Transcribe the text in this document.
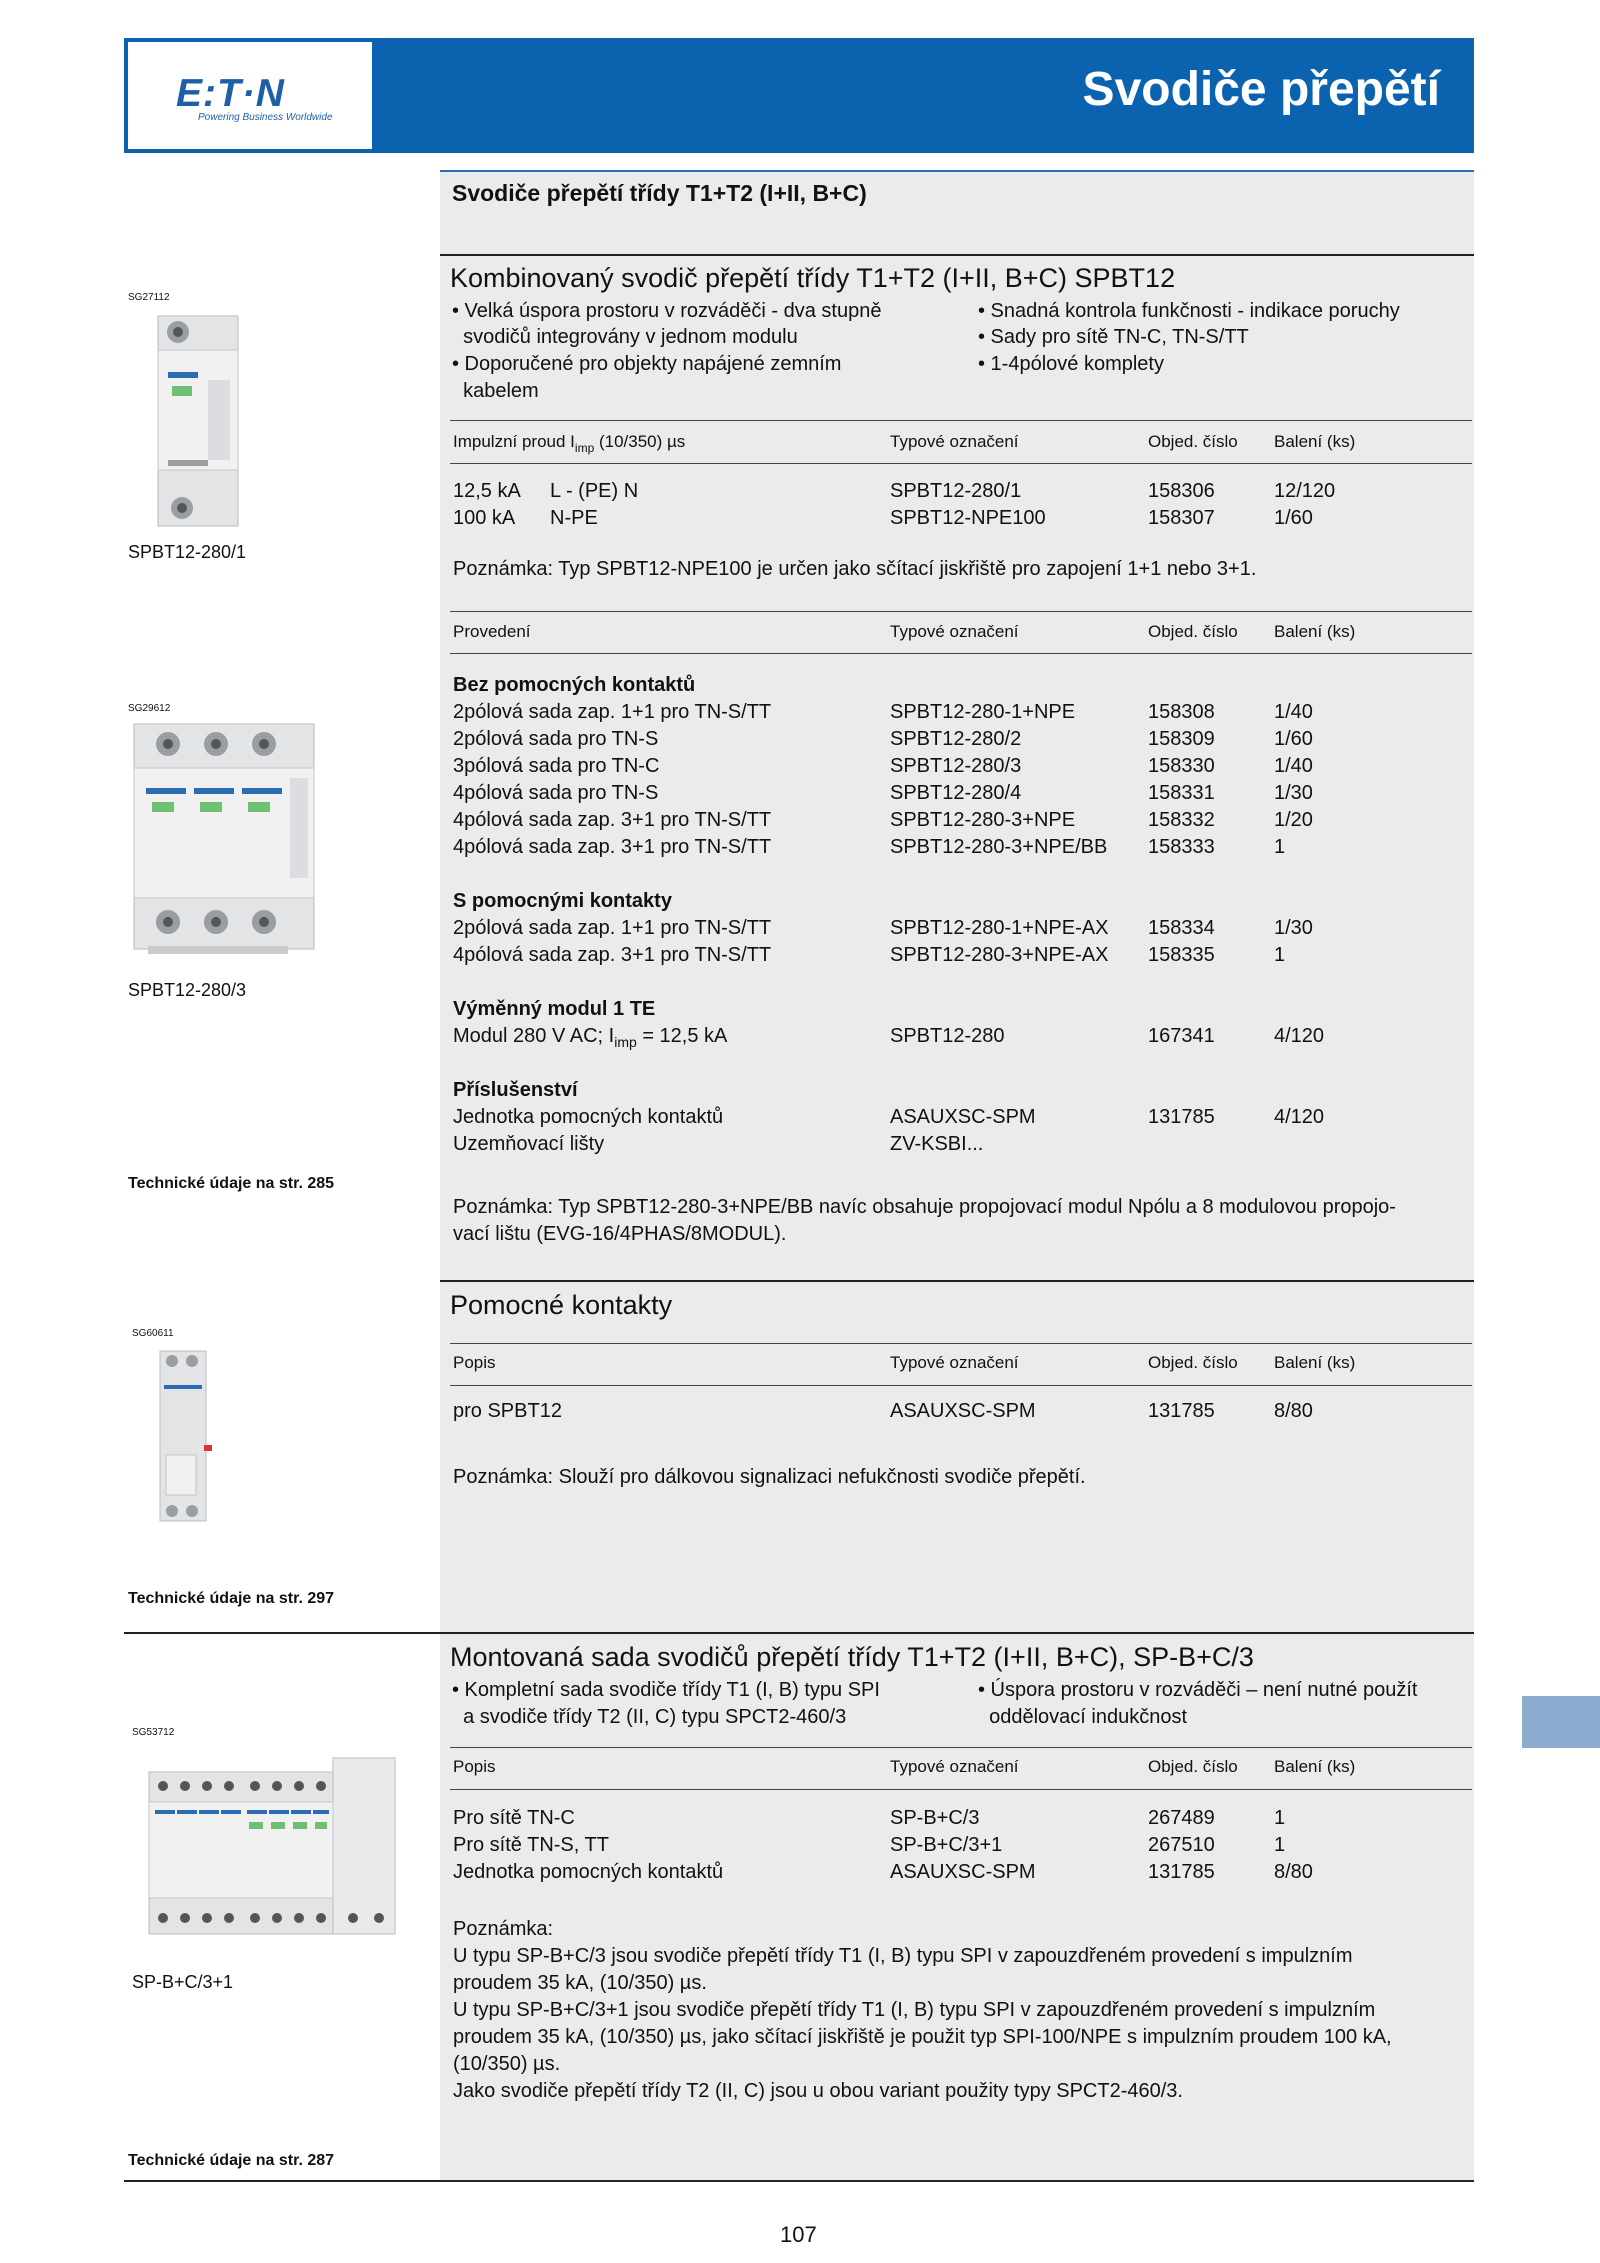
E:T·N
Powering Business Worldwide
Svodiče přepětí
Svodiče přepětí třídy T1+T2 (I+II, B+C)
Kombinovaný svodič přepětí třídy T1+T2 (I+II, B+C) SPBT12
• Velká úspora prostoru v rozváděči - dva stupně
svodičů integrovány v jednom modulu
• Doporučené pro objekty napájené zemním
kabelem
• Snadná kontrola funkčnosti - indikace poruchy
• Sady pro sítě TN-C, TN-S/TT
• 1-4pólové komplety
Impulzní proud $I_{imp}$ (10/350) µs	Typové označení	Objed. číslo Balení (ks)
12,5 kA L - (PE) N	SPBT12-280/1	158306	12/120
100 kA N-PE	SPBT12-NPE100	158307	1/60
Poznámka: Typ SPBT12-NPE100 je určen jako sčítací jiskřiště pro zapojení 1+1 nebo 3+1.
Provedení	Typové označení	Objed. číslo Balení (ks)
Bez pomocných kontaktů
2pólová sada zap. 1+1 pro TN-S/TT	SPBT12-280-1+NPE	158308	1/40
2pólová sada pro TN-S	SPBT12-280/2	158309	1/60
3pólová sada pro TN-C	SPBT12-280/3	158330	1/40
4pólová sada pro TN-S	SPBT12-280/4	158331	1/30
4pólová sada zap. 3+1 pro TN-S/TT	SPBT12-280-3+NPE	158332	1/20
4pólová sada zap. 3+1 pro TN-S/TT	SPBT12-280-3+NPE/BB 158333	1
S pomocnými kontakty
2pólová sada zap. 1+1 pro TN-S/TT	SPBT12-280-1+NPE-AX 158334	1/30
4pólová sada zap. 3+1 pro TN-S/TT	SPBT12-280-3+NPE-AX 158335	1
Výměnný modul 1 TE
Modul 280 V AC; $I_{imp} = 12,5$ kA	SPBT12-280	167341	4/120
Příslušenství
Jednotka pomocných kontaktů	ASAUXSC-SPM	131785	4/120
Uzemňovací lišty	ZV-KSBI...
Poznámka: Typ SPBT12-280-3+NPE/BB navíc obsahuje propojovací modul Npólu a 8 modulovou propojo-
vací lištu (EVG-16/4PHAS/8MODUL).
Pomocné kontakty
Popis	Typové označení	Objed. číslo Balení (ks)
pro SPBT12	ASAUXSC-SPM	131785	8/80
Poznámka: Slouží pro dálkovou signalizaci nefukčnosti svodiče přepětí.
Montovaná sada svodičů přepětí třídy T1+T2 (I+II, B+C), SP-B+C/3
• Kompletní sada svodiče třídy T1 (I, B) typu SPI
a svodiče třídy T2 (II, C) typu SPCT2-460/3
• Úspora prostoru v rozváděči – není nutné použít
oddělovací indukčnost
Popis	Typové označení	Objed. číslo Balení (ks)
Pro sítě TN-C	SP-B+C/3	267489	1
Pro sítě TN-S, TT	SP-B+C/3+1	267510	1
Jednotka pomocných kontaktů	ASAUXSC-SPM	131785	8/80
Poznámka:
U typu SP-B+C/3 jsou svodiče přepětí třídy T1 (I, B) typu SPI v zapouzdřeném provedení s impulzním
proudem 35 kA, (10/350) µs.
U typu SP-B+C/3+1 jsou svodiče přepětí třídy T1 (I, B) typu SPI v zapouzdřeném provedení s impulzním
proudem 35 kA, (10/350) µs, jako sčítací jiskřiště je použit typ SPI-100/NPE s impulzním proudem 100 kA,
(10/350) µs.
Jako svodiče přepětí třídy T2 (II, C) jsou u obou variant použity typy SPCT2-460/3.
SG27112
SPBT12-280/1
SG29612
SPBT12-280/3
Technické údaje na str. 285
SG60611
Technické údaje na str. 297
SG53712
SP-B+C/3+1
Technické údaje na str. 287
107
